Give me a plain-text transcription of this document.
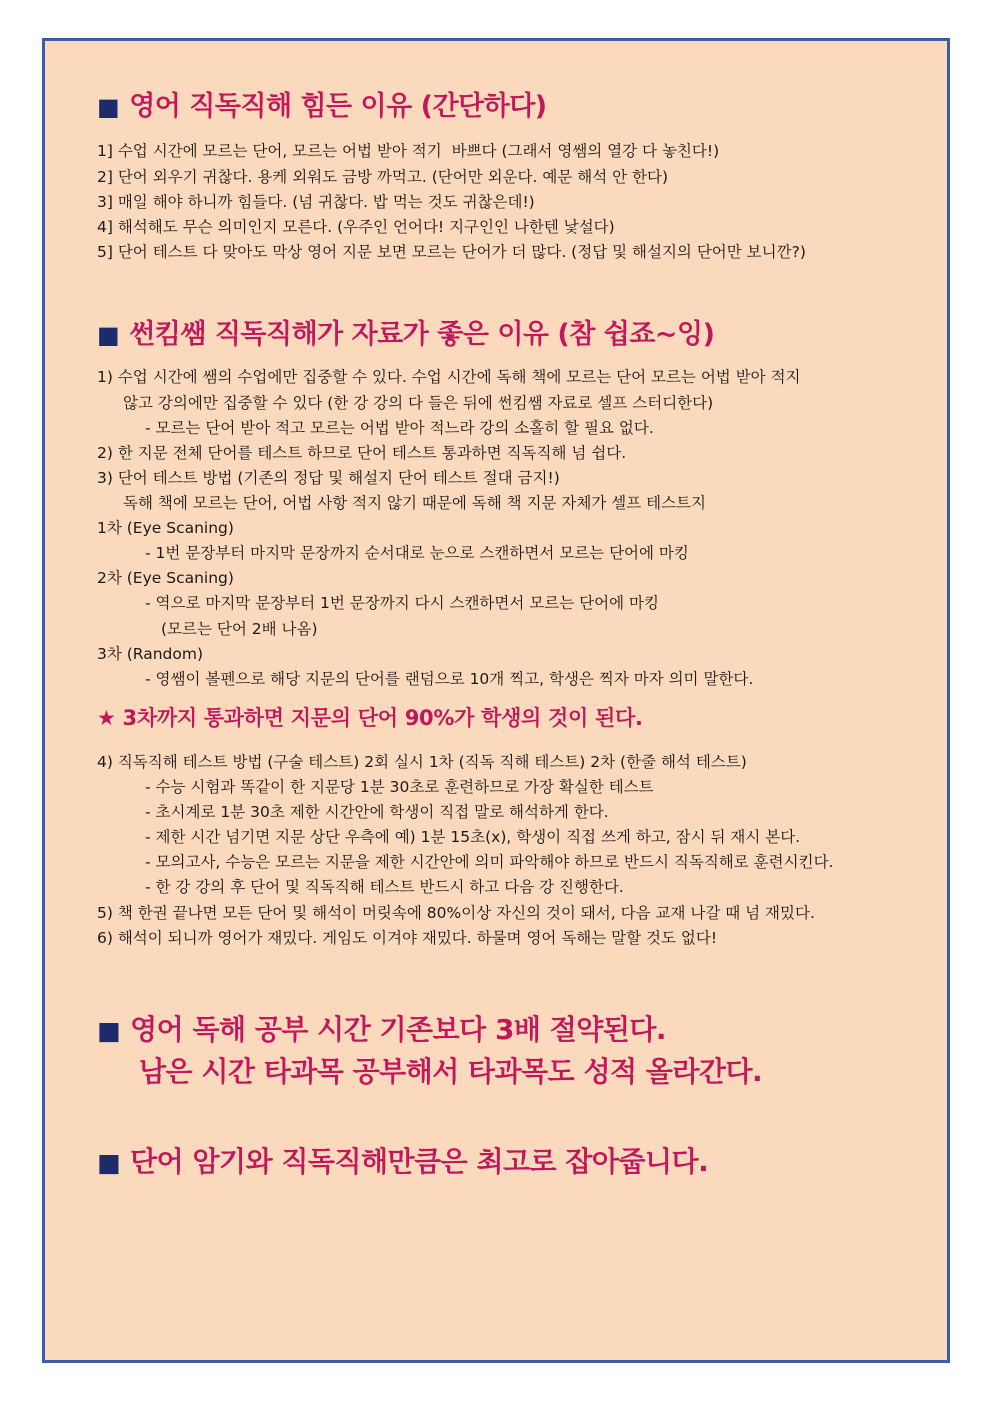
■ 영어 직독직해 힘든 이유 (간단하다)
1] 수업 시간에 모르는 단어, 모르는 어법 받아 적기  바쁘다 (그래서 영쌤의 열강 다 놓친다!)
2] 단어 외우기 귀찮다. 용케 외워도 금방 까먹고. (단어만 외운다. 예문 해석 안 한다)
3] 매일 해야 하니까 힘들다. (넘 귀찮다. 밥 먹는 것도 귀찮은데!)
4] 해석해도 무슨 의미인지 모른다. (우주인 언어다! 지구인인 나한텐 낯설다)
5] 단어 테스트 다 맞아도 막상 영어 지문 보면 모르는 단어가 더 많다. (정답 및 해설지의 단어만 보니깐?)
■ 썬킴쌤 직독직해가 자료가 좋은 이유 (참 쉽죠~잉)
1) 수업 시간에 쌤의 수업에만 집중할 수 있다. 수업 시간에 독해 책에 모르는 단어 모르는 어법 받아 적지
않고 강의에만 집중할 수 있다 (한 강 강의 다 들은 뒤에 썬킴쌤 자료로 셀프 스터디한다)
- 모르는 단어 받아 적고 모르는 어법 받아 적느라 강의 소홀히 할 필요 없다.
2) 한 지문 전체 단어를 테스트 하므로 단어 테스트 통과하면 직독직해 넘 쉽다.
3) 단어 테스트 방법 (기존의 정답 및 해설지 단어 테스트 절대 금지!)
독해 책에 모르는 단어, 어법 사항 적지 않기 때문에 독해 책 지문 자체가 셀프 테스트지
1차 (Eye Scaning)
- 1번 문장부터 마지막 문장까지 순서대로 눈으로 스캔하면서 모르는 단어에 마킹
2차 (Eye Scaning)
- 역으로 마지막 문장부터 1번 문장까지 다시 스캔하면서 모르는 단어에 마킹
(모르는 단어 2배 나옴)
3차 (Random)
- 영쌤이 볼펜으로 해당 지문의 단어를 랜덤으로 10개 찍고, 학생은 찍자 마자 의미 말한다.
★ 3차까지 통과하면 지문의 단어 90%가 학생의 것이 된다.
4) 직독직해 테스트 방법 (구술 테스트) 2회 실시 1차 (직독 직해 테스트) 2차 (한줄 해석 테스트)
- 수능 시험과 똑같이 한 지문당 1분 30초로 훈련하므로 가장 확실한 테스트
- 초시계로 1분 30초 제한 시간안에 학생이 직접 말로 해석하게 한다.
- 제한 시간 넘기면 지문 상단 우측에 예) 1분 15초(x), 학생이 직접 쓰게 하고, 잠시 뒤 재시 본다.
- 모의고사, 수능은 모르는 지문을 제한 시간안에 의미 파악해야 하므로 반드시 직독직해로 훈련시킨다.
- 한 강 강의 후 단어 및 직독직해 테스트 반드시 하고 다음 강 진행한다.
5) 책 한권 끝나면 모든 단어 및 해석이 머릿속에 80%이상 자신의 것이 돼서, 다음 교재 나갈 때 넘 재밌다.
6) 해석이 되니까 영어가 재밌다. 게임도 이겨야 재밌다. 하물며 영어 독해는 말할 것도 없다!
■ 영어 독해 공부 시간 기존보다 3배 절약된다.
남은 시간 타과목 공부해서 타과목도 성적 올라간다.
■ 단어 암기와 직독직해만큼은 최고로 잡아줍니다.
